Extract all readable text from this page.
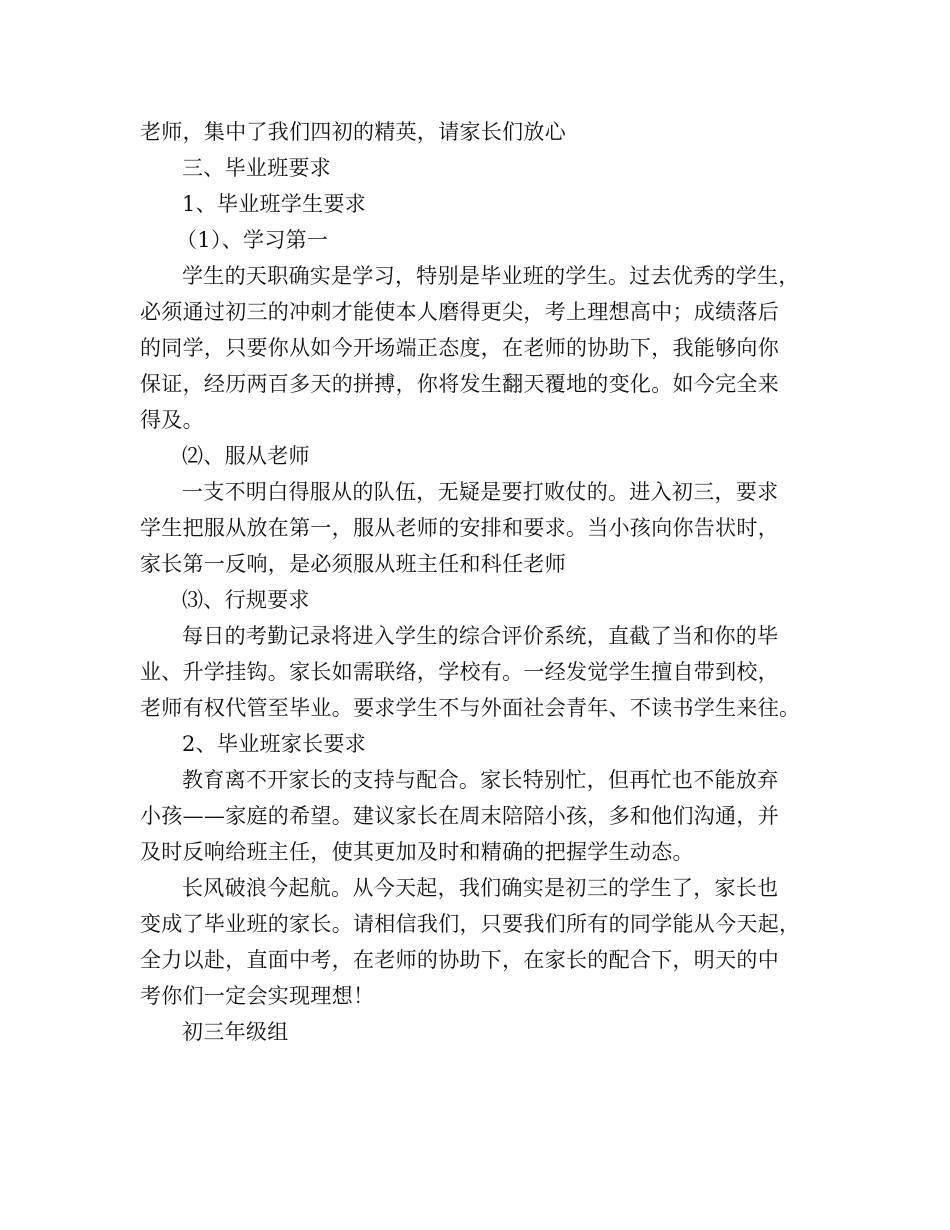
老师，集中了我们四初的精英，请家长们放心
三、毕业班要求
1、毕业班学生要求
（1）、学习第一
学生的天职确实是学习，特别是毕业班的学生。过去优秀的学生，
必须通过初三的冲刺才能使本人磨得更尖，考上理想高中；成绩落后
的同学，只要你从如今开场端正态度，在老师的协助下，我能够向你
保证，经历两百多天的拼搏，你将发生翻天覆地的变化。如今完全来
得及。
⑵、服从老师
一支不明白得服从的队伍，无疑是要打败仗的。进入初三，要求
学生把服从放在第一，服从老师的安排和要求。当小孩向你告状时，
家长第一反响，是必须服从班主任和科任老师
⑶、行规要求
每日的考勤记录将进入学生的综合评价系统，直截了当和你的毕
业、升学挂钩。家长如需联络，学校有。一经发觉学生擅自带到校，
老师有权代管至毕业。要求学生不与外面社会青年、不读书学生来往。
2、毕业班家长要求
教育离不开家长的支持与配合。家长特别忙，但再忙也不能放弃
小孩——家庭的希望。建议家长在周末陪陪小孩，多和他们沟通，并
及时反响给班主任，使其更加及时和精确的把握学生动态。
长风破浪今起航。从今天起，我们确实是初三的学生了，家长也
变成了毕业班的家长。请相信我们，只要我们所有的同学能从今天起，
全力以赴，直面中考，在老师的协助下，在家长的配合下，明天的中
考你们一定会实现理想！
初三年级组
